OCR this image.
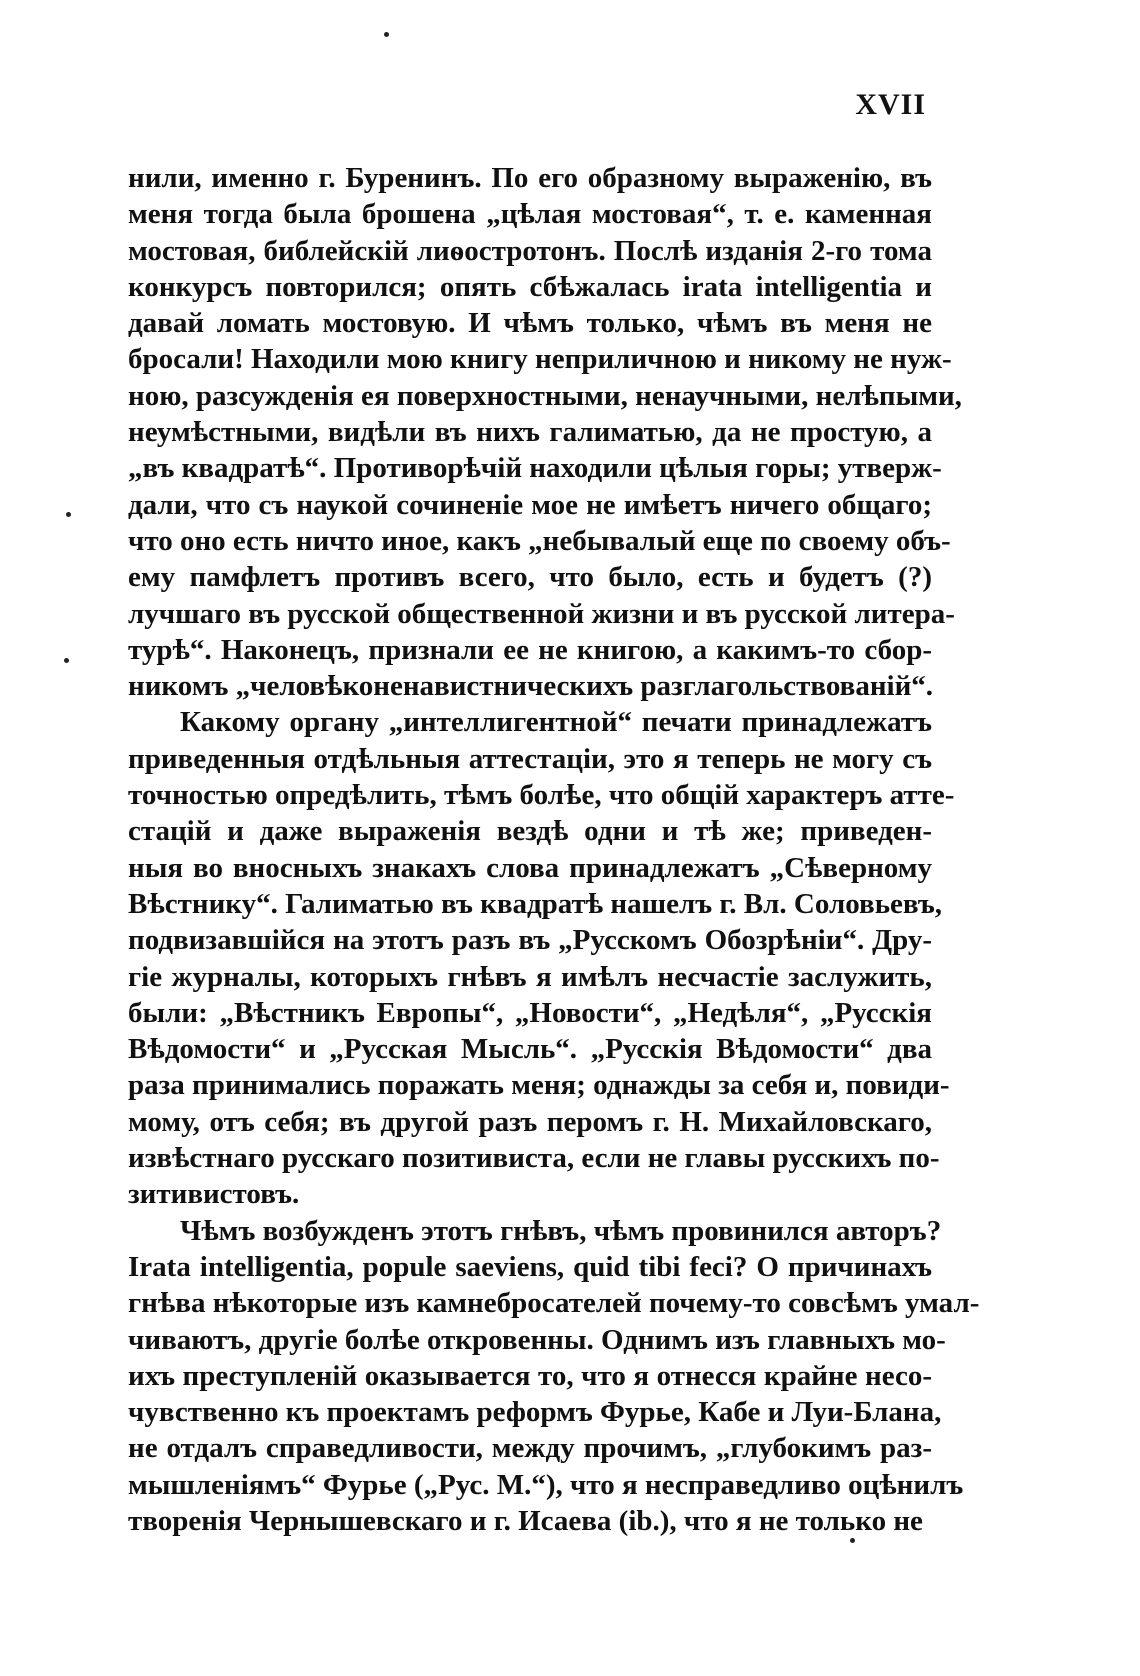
XVII
нили, именно г. Буренинъ. По его образному выраженію, въ
меня тогда была брошена „цѣлая мостовая“, т. е. каменная
мостовая, библейскій лиѳостротонъ. Послѣ изданія 2-го тома
конкурсъ повторился; опять сбѣжалась irata intelligentia и
давай ломать мостовую. И чѣмъ только, чѣмъ въ меня не
бросали! Находили мою книгу неприличною и никому не нуж-
ною, разсужденія ея поверхностными, ненаучными, нелѣпыми,
неумѣстными, видѣли въ нихъ галиматью, да не простую, а
„въ квадратѣ“. Противорѣчій находили цѣлыя горы; утверж-
дали, что съ наукой сочиненіе мое не имѣетъ ничего общаго;
что оно есть ничто иное, какъ „небывалый еще по своему объ-
ему памфлетъ противъ всего, что было, есть и будетъ (?)
лучшаго въ русской общественной жизни и въ русской литера-
турѣ“. Наконецъ, признали ее не книгою, а какимъ-то сбор-
никомъ „человѣконенавистническихъ разглагольствованій“.
Какому органу „интеллигентной“ печати принадлежатъ
приведенныя отдѣльныя аттестаціи, это я теперь не могу съ
точностью опредѣлить, тѣмъ болѣе, что общій характеръ атте-
стацій и даже выраженія вездѣ одни и тѣ же; приведен-
ныя во вносныхъ знакахъ слова принадлежатъ „Сѣверному
Вѣстнику“. Галиматью въ квадратѣ нашелъ г. Вл. Соловьевъ,
подвизавшійся на этотъ разъ въ „Русскомъ Обозрѣніи“. Дру-
гіе журналы, которыхъ гнѣвъ я имѣлъ несчастіе заслужить,
были: „Вѣстникъ Европы“, „Новости“, „Недѣля“, „Русскія
Вѣдомости“ и „Русская Мысль“. „Русскія Вѣдомости“ два
раза принимались поражать меня; однажды за себя и, повиди-
мому, отъ себя; въ другой разъ перомъ г. Н. Михайловскаго,
извѣстнаго русскаго позитивиста, если не главы русскихъ по-
зитивистовъ.
Чѣмъ возбужденъ этотъ гнѣвъ, чѣмъ провинился авторъ?
Irata intelligentia, popule saeviens, quid tibi feci? О причинахъ
гнѣва нѣкоторые изъ камнебросателей почему-то совсѣмъ умал-
чиваютъ, другіе болѣе откровенны. Однимъ изъ главныхъ мо-
ихъ преступленій оказывается то, что я отнесся крайне несо-
чувственно къ проектамъ реформъ Фурье, Кабе и Луи-Блана,
не отдалъ справедливости, между прочимъ, „глубокимъ раз-
мышленіямъ“ Фурье („Рус. М.“), что я несправедливо оцѣнилъ
творенія Чернышевскаго и г. Исаева (ib.), что я не только не
